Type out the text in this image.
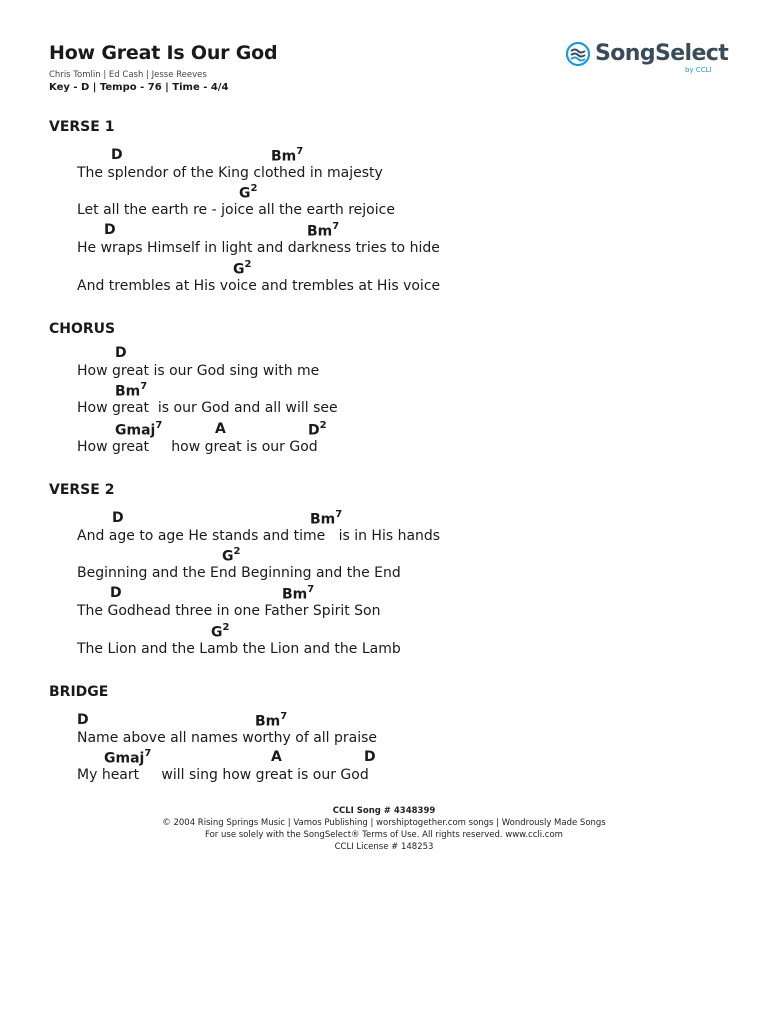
How Great Is Our God
Chris Tomlin | Ed Cash | Jesse Reeves
Key - D | Tempo - 76 | Time - 4/4
SongSelect
by CCLI
VERSE 1
D	Bm$^7$
The splendor of the King clothed in majesty
$G^2$
Let all the earth re - joice all the earth rejoice
D	Bm$^7$
He wraps Himself in light and darkness tries to hide
$G^2$
And trembles at His voice and trembles at His voice
CHORUS
D
How great is our God sing with me
Bm$^7$
How great  is our God and all will see
Gmaj$^7$	A	$D^2$
How great     how great is our God
VERSE 2
D	Bm$^7$
And age to age He stands and time   is in His hands
$G^2$
Beginning and the End Beginning and the End
D	Bm$^7$
The Godhead three in one Father Spirit Son
$G^2$
The Lion and the Lamb the Lion and the Lamb
BRIDGE
D	Bm$^7$
Name above all names worthy of all praise
Gmaj$^7$	A	D
My heart     will sing how great is our God
CCLI Song # 4348399
© 2004 Rising Springs Music | Vamos Publishing | worshiptogether.com songs | Wondrously Made Songs
For use solely with the SongSelect® Terms of Use. All rights reserved. www.ccli.com
CCLI License # 148253
